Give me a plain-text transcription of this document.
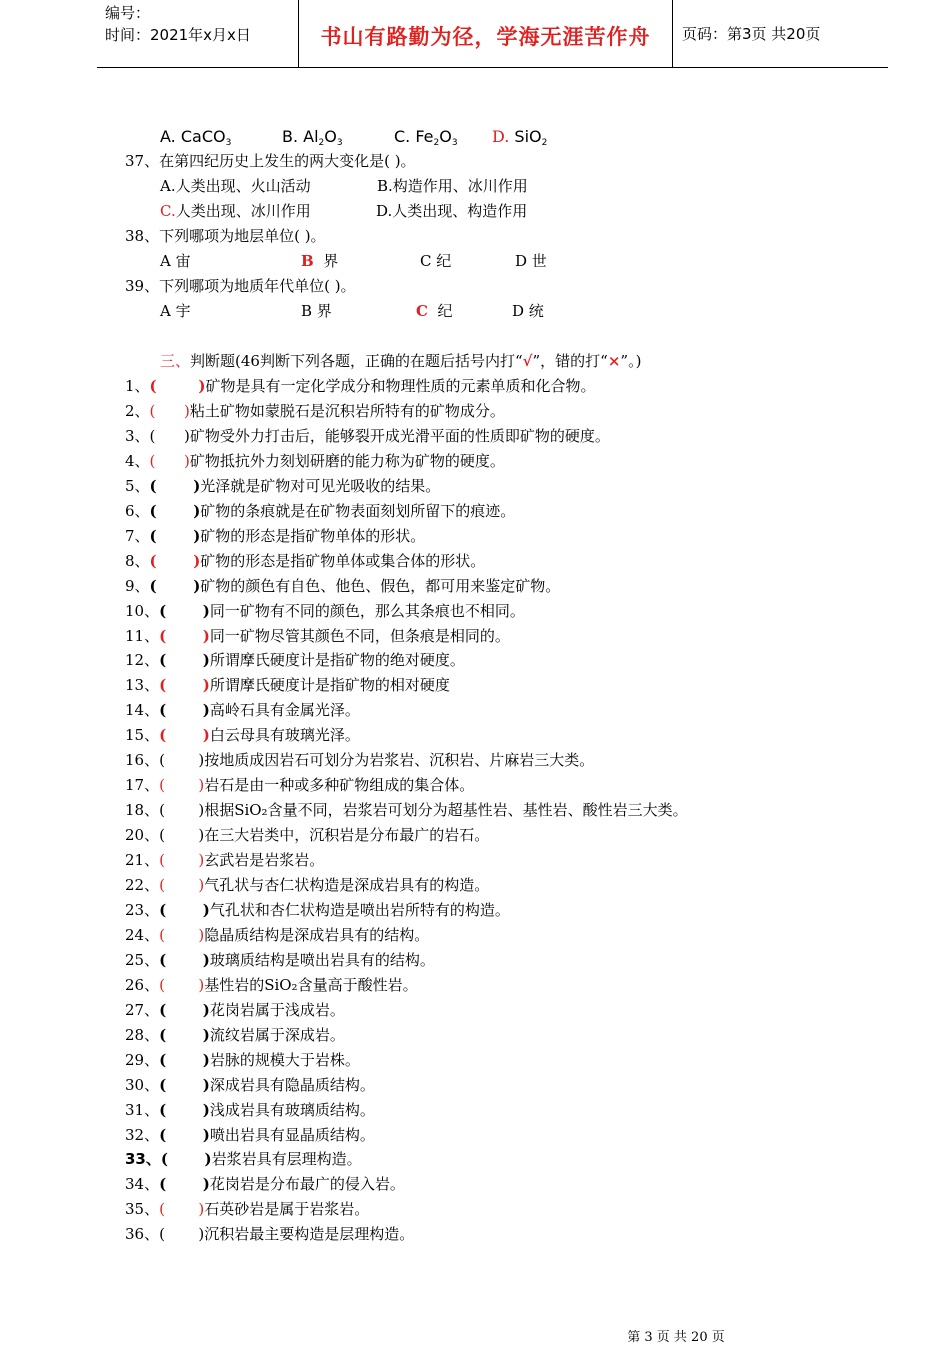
编号：
时间：2021年x月x日	书山有路勤为径，学海无涯苦作舟 页码：第3页 共20页
A. CaCO$_3$	B. $Al_2O_3$	C. $Fe_2O_3$ D. SiO$_2$
37、在第四纪历史上发生的两大变化是( )。
A.人类出现、火山活动	B.构造作用、冰川作用
C.人类出现、冰川作用	D.人类出现、构造作用
38、下列哪项为地层单位( )。
A 宙	B 界	C 纪	D 世
39、下列哪项为地质年代单位( )。
A 宇	B 界	C 纪	D 统
三、判断题(46判断下列各题，正确的在题后括号内打“√”，错的打“×”。)
1、(        )矿物是具有一定化学成分和物理性质的元素单质和化合物。
2、(      )粘土矿物如蒙脱石是沉积岩所特有的矿物成分。
3、(      )矿物受外力打击后，能够裂开成光滑平面的性质即矿物的硬度。
4、(      )矿物抵抗外力刻划研磨的能力称为矿物的硬度。
5、(       )光泽就是矿物对可见光吸收的结果。
6、(       )矿物的条痕就是在矿物表面刻划所留下的痕迹。
7、(       )矿物的形态是指矿物单体的形状。
8、(       )矿物的形态是指矿物单体或集合体的形状。
9、(       )矿物的颜色有自色、他色、假色，都可用来鉴定矿物。
10、(       )同一矿物有不同的颜色，那么其条痕也不相同。
11、(       )同一矿物尽管其颜色不同，但条痕是相同的。
12、(       )所谓摩氏硬度计是指矿物的绝对硬度。
13、(       )所谓摩氏硬度计是指矿物的相对硬度
14、(       )高岭石具有金属光泽。
15、(       )白云母具有玻璃光泽。
16、(       )按地质成因岩石可划分为岩浆岩、沉积岩、片麻岩三大类。
17、(       )岩石是由一种或多种矿物组成的集合体。
18、(       )根据SiO₂含量不同，岩浆岩可划分为超基性岩、基性岩、酸性岩三大类。
20、(       )在三大岩类中，沉积岩是分布最广的岩石。
21、(       )玄武岩是岩浆岩。
22、(       )气孔状与杏仁状构造是深成岩具有的构造。
23、(       )气孔状和杏仁状构造是喷出岩所特有的构造。
24、(       )隐晶质结构是深成岩具有的结构。
25、(       )玻璃质结构是喷出岩具有的结构。
26、(       )基性岩的SiO₂含量高于酸性岩。
27、(       )花岗岩属于浅成岩。
28、(       )流纹岩属于深成岩。
29、(       )岩脉的规模大于岩株。
30、(       )深成岩具有隐晶质结构。
31、(       )浅成岩具有玻璃质结构。
32、(       )喷出岩具有显晶质结构。
33、(       )岩浆岩具有层理构造。
34、(       )花岗岩是分布最广的侵入岩。
35、(       )石英砂岩是属于岩浆岩。
36、(       )沉积岩最主要构造是层理构造。
第 3 页 共 20 页
